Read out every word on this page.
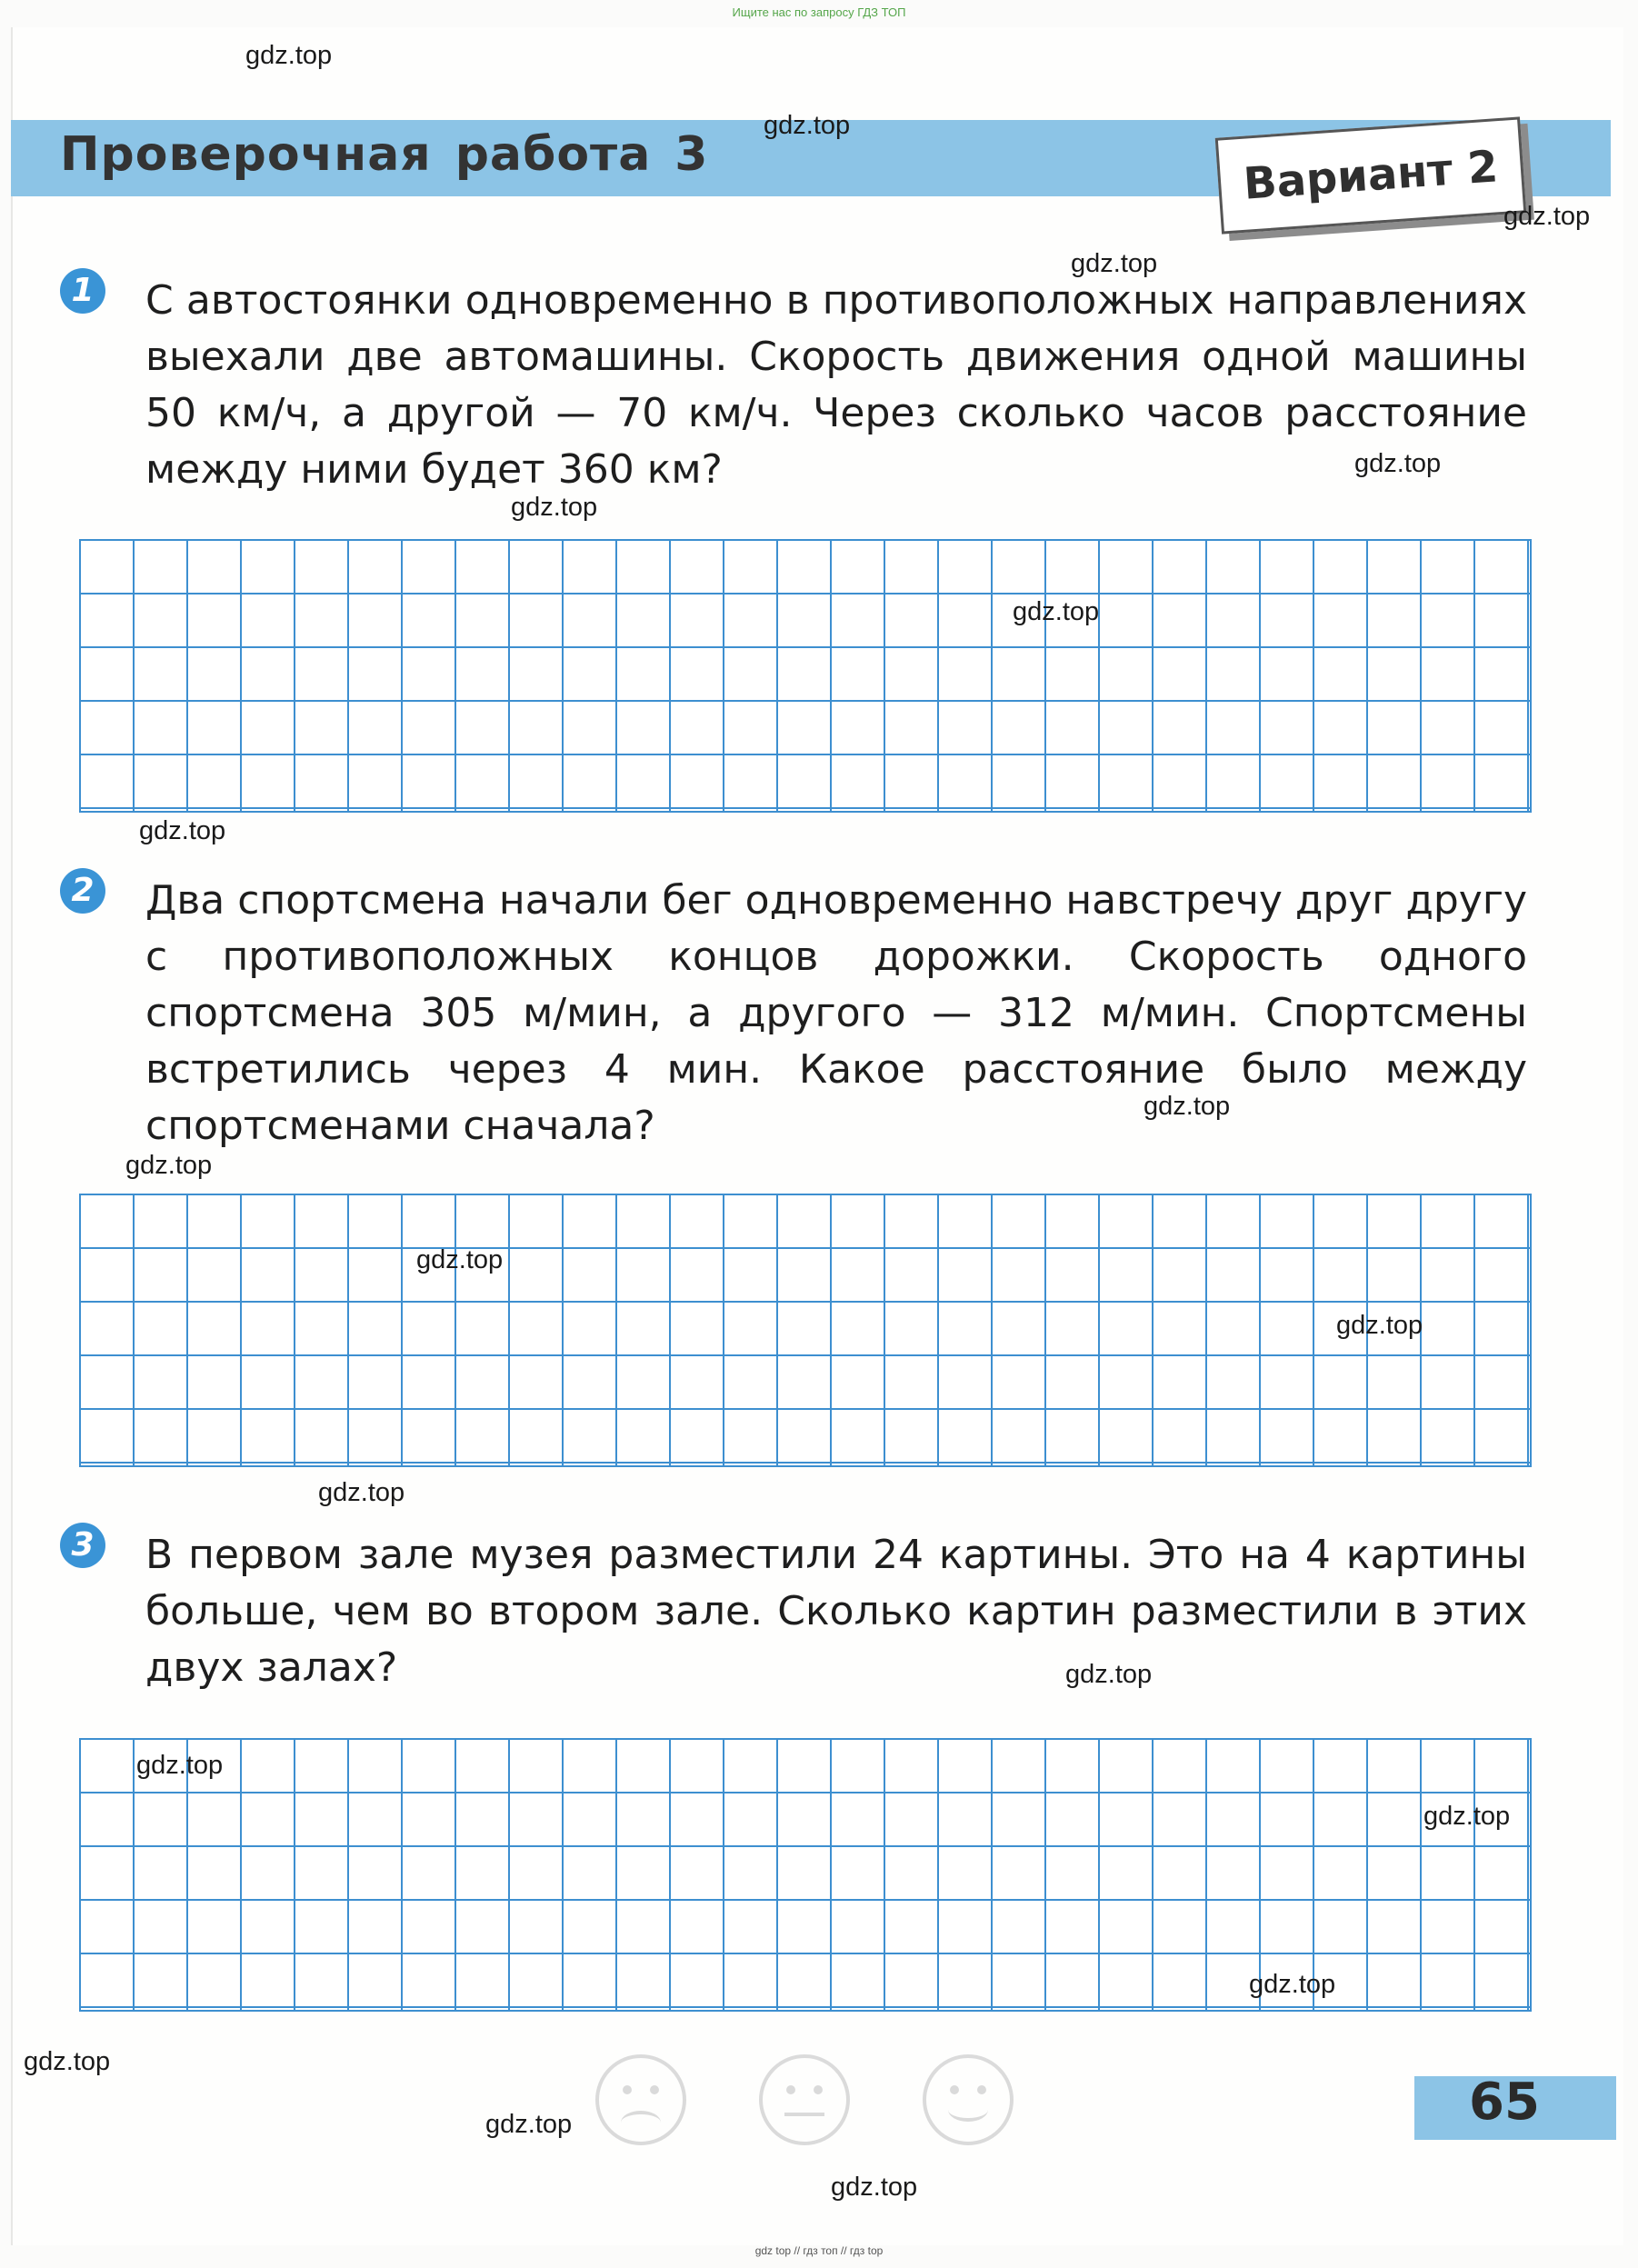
Ищите нас по запросу ГДЗ ТОП

Проверочная работа 3	Вариант 2
1 С автостоянки одновременно в противоположных направлениях выехали две автомашины. Скорость движения одной машины 50 км/ч, а другой — 70 км/ч. Через сколько часов расстояние между ними будет 360 км?
2 Два спортсмена начали бег одновременно навстречу друг другу с противоположных концов дорожки. Скорость одного спортсмена 305 м/мин, а другого — 312 м/мин. Спортсмены встретились через 4 мин. Какое расстояние было между спортсменами сначала?
3 В первом зале музея разместили 24 картины. Это на 4 картины больше, чем во втором зале. Сколько картин разместили в этих двух залах?
65
gdz.top
gdz.top
gdz.top
gdz.top
gdz.top
gdz.top
gdz.top
gdz.top
gdz.top
gdz.top
gdz.top
gdz.top
gdz.top
gdz.top
gdz.top
gdz.top
gdz.top
gdz.top
gdz.top
gdz.top
gdz top // гдз топ // гдз top
